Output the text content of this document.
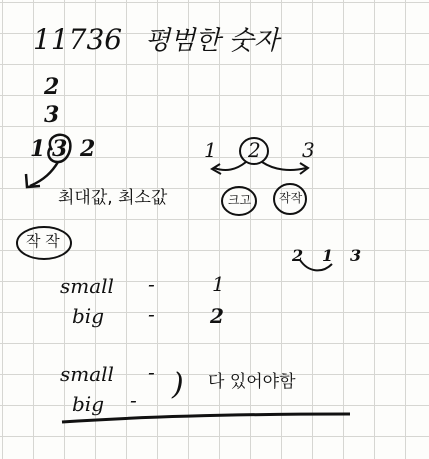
11736 평범한 숫자
2
3
1 3 2
최대값, 최소값
작 작
1 2 3
크고 작작
2 1 3
small -	1
big -	2
small -
big - ) 다 있어야함
